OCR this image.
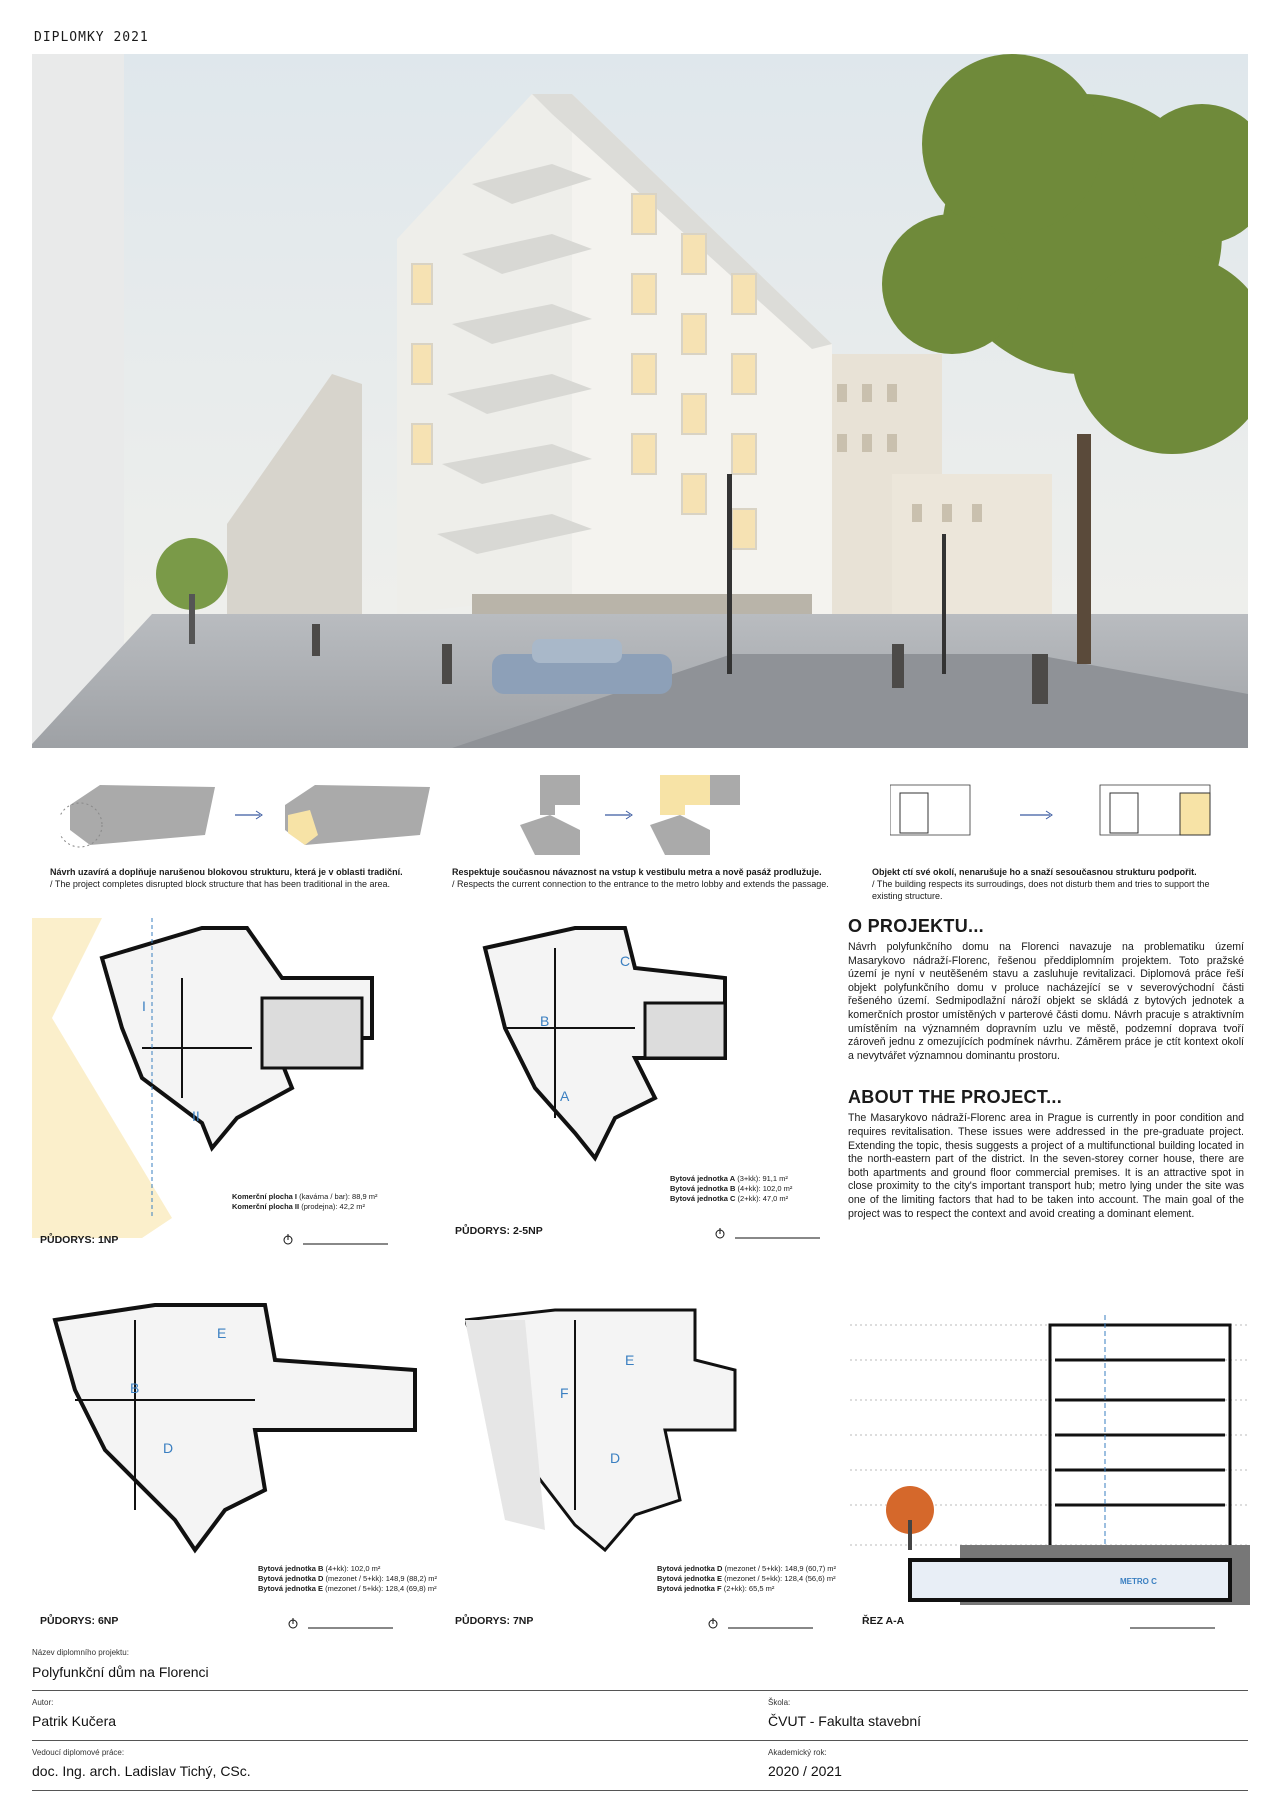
DIPLOMKY 2021
Návrh uzavírá a doplňuje narušenou blokovou strukturu, která je v oblasti tradiční.
/ The project completes disrupted block structure that has been traditional in the area.
Respektuje současnou návaznost na vstup k vestibulu metra a nově pasáž prodlužuje.
/ Respects the current connection to the entrance to the metro lobby and extends the passage.
Objekt ctí své okolí, nenarušuje ho a snaží sesoučasnou strukturu podpořit.
/ The building respects its surroudings, does not disturb them and tries to support the existing structure.
I
II
Komerční plocha I (kavárna / bar): 88,9 m²
Komerční plocha II (prodejna): 42,2 m²
PŮDORYS: 1NP
C
B
A
Bytová jednotka A (3+kk): 91,1 m²
Bytová jednotka B (4+kk): 102,0 m²
Bytová jednotka C (2+kk): 47,0 m²
PŮDORYS: 2-5NP
O PROJEKTU...

Návrh polyfunkčního domu na Florenci navazuje na problematiku území Masarykovo nádraží-Florenc, řešenou předdiplomním projektem. Toto pražské území je nyní v neutěšeném stavu a zasluhuje revitalizaci. Diplomová práce řeší objekt polyfunkčního domu v proluce nacházející se v severovýchodní části řešeného území. Sedmipodlažní nároží objekt se skládá z bytových jednotek a komerčních prostor umístěných v parterové části domu. Návrh pracuje s atraktivním umístěním na významném dopravním uzlu ve městě, podzemní doprava tvoří zároveň jednu z omezujících podmínek návrhu. Záměrem práce je ctít kontext okolí a nevytvářet významnou dominantu prostoru.

ABOUT THE PROJECT...

The Masarykovo nádraží-Florenc area in Prague is currently in poor condition and requires revitalisation. These issues were addressed in the pre-graduate project. Extending the topic, thesis suggests a project of a multifunctional building located in the north-eastern part of the district. In the seven-storey corner house, there are both apartments and ground floor commercial premises. It is an attractive spot in close proximity to the city's important transport hub; metro lying under the site was one of the limiting factors that had to be taken into account. The main goal of the project was to respect the context and avoid creating a dominant element.

E
B
D
Bytová jednotka B (4+kk): 102,0 m²
Bytová jednotka D (mezonet / 5+kk): 148,9 (88,2) m²
Bytová jednotka E (mezonet / 5+kk): 128,4 (69,8) m²
PŮDORYS: 6NP
E
F
D
Bytová jednotka D (mezonet / 5+kk): 148,9 (60,7) m²
Bytová jednotka E (mezonet / 5+kk): 128,4 (56,6) m²
Bytová jednotka F (2+kk): 65,5 m²
PŮDORYS: 7NP
METRO C
ŘEZ A-A
Název diplomního projektu:
Polyfunkční dům na Florenci
Autor:
Patrik Kučera
Škola:
ČVUT - Fakulta stavební
Vedoucí diplomové práce:
doc. Ing. arch. Ladislav Tichý, CSc.
Akademický rok:
2020 / 2021
